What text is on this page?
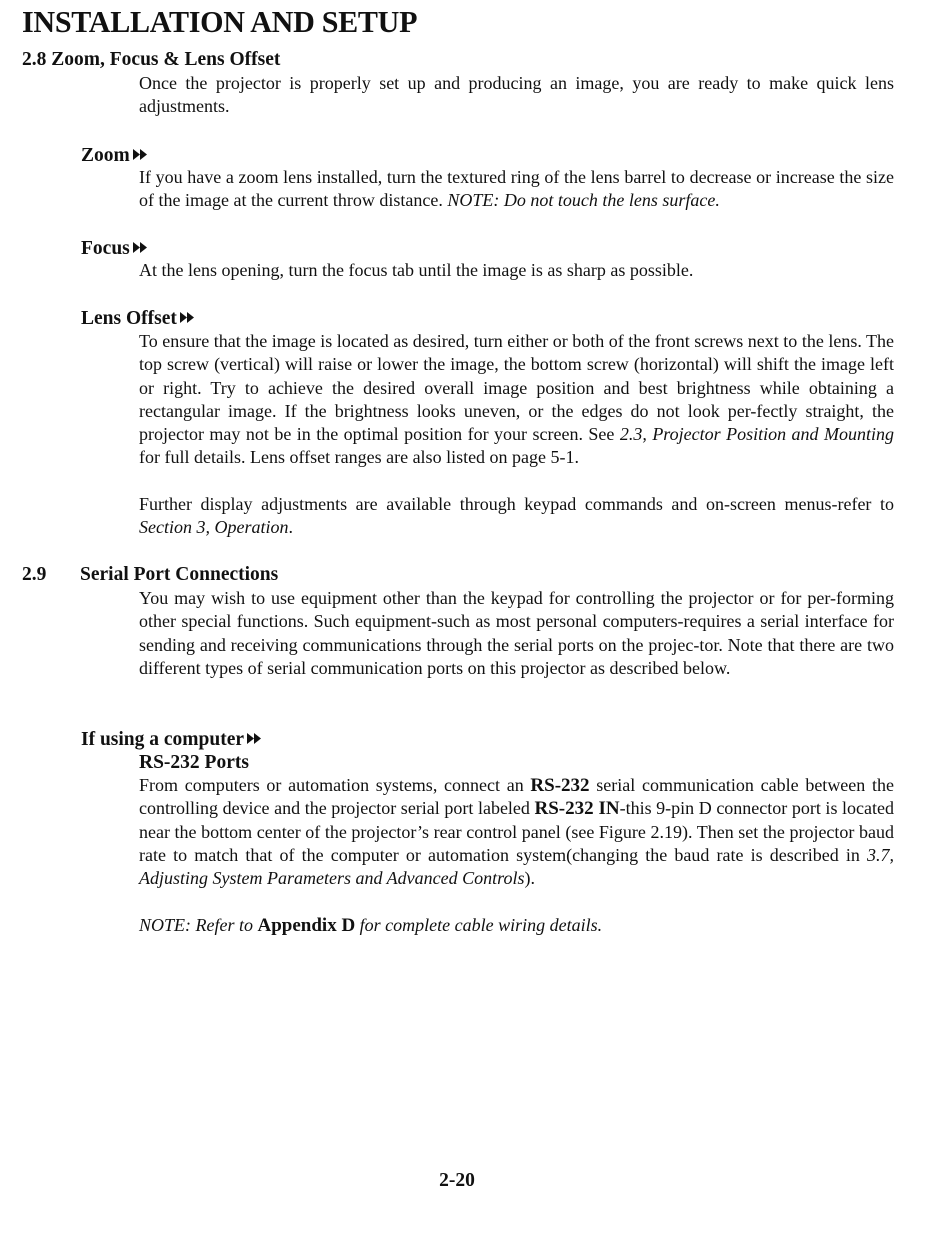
INSTALLATION AND SETUP
2.8 Zoom, Focus & Lens Offset

Once the projector is properly set up and producing an image, you are ready to make quick lens adjustments.

Zoom

If you have a zoom lens installed, turn the textured ring of the lens barrel to decrease or increase the size of the image at the current throw distance. NOTE: Do not touch the lens surface.

Focus

At the lens opening, turn the focus tab until the image is as sharp as possible.

Lens Offset

To ensure that the image is located as desired, turn either or both of the front screws next to the lens. The top screw (vertical) will raise or lower the image, the bottom screw (horizontal) will shift the image left or right. Try to achieve the desired overall image position and best brightness while obtaining a rectangular image. If the brightness looks uneven, or the edges do not look per-fectly straight, the projector may not be in the optimal position for your screen. See 2.3, Projector Position and Mounting for full details. Lens offset ranges are also listed on page 5-1.

Further display adjustments are available through keypad commands and on-screen menus-refer to Section 3, Operation.

2.9 Serial Port Connections

You may wish to use equipment other than the keypad for controlling the projector or for per-forming other special functions. Such equipment-such as most personal computers-requires a serial interface for sending and receiving communications through the serial ports on the projec-tor. Note that there are two different types of serial communication ports on this projector as described below.

If using a computer
RS-232 Ports

From computers or automation systems, connect an RS-232 serial communication cable between the controlling device and the projector serial port labeled RS-232 IN-this 9-pin D connector port is located near the bottom center of the projector’s rear control panel (see Figure 2.19). Then set the projector baud rate to match that of the computer or automation system(changing the baud rate is described in 3.7, Adjusting System Parameters and Advanced Controls).

NOTE: Refer to Appendix D for complete cable wiring details.

2-20
